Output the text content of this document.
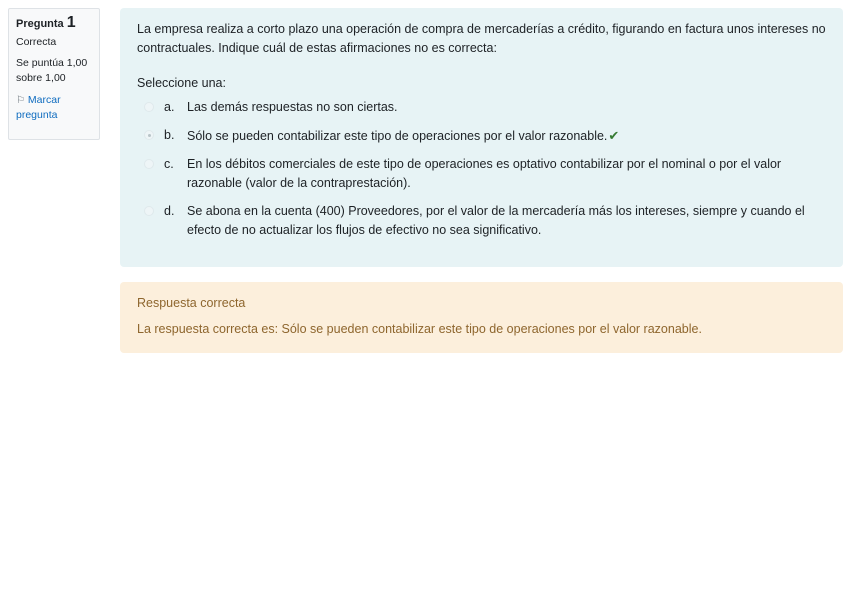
Pregunta 1
Correcta
Se puntúa 1,00 sobre 1,00
⚐ Marcar pregunta

La empresa realiza a corto plazo una operación de compra de mercaderías a crédito, figurando en factura unos intereses no contractuales. Indique cuál de estas afirmaciones no es correcta:

Seleccione una:

a.	Las demás respuestas no son ciertas.
b.	Sólo se pueden contabilizar este tipo de operaciones por el valor razonable.✔
c.	En los débitos comerciales de este tipo de operaciones es optativo contabilizar por el nominal o por el valor razonable (valor de la contraprestación).
d.	Se abona en la cuenta (400) Proveedores, por el valor de la mercadería más los intereses, siempre y cuando el efecto de no actualizar los flujos de efectivo no sea significativo.

Respuesta correcta

La respuesta correcta es: Sólo se pueden contabilizar este tipo de operaciones por el valor razonable.
